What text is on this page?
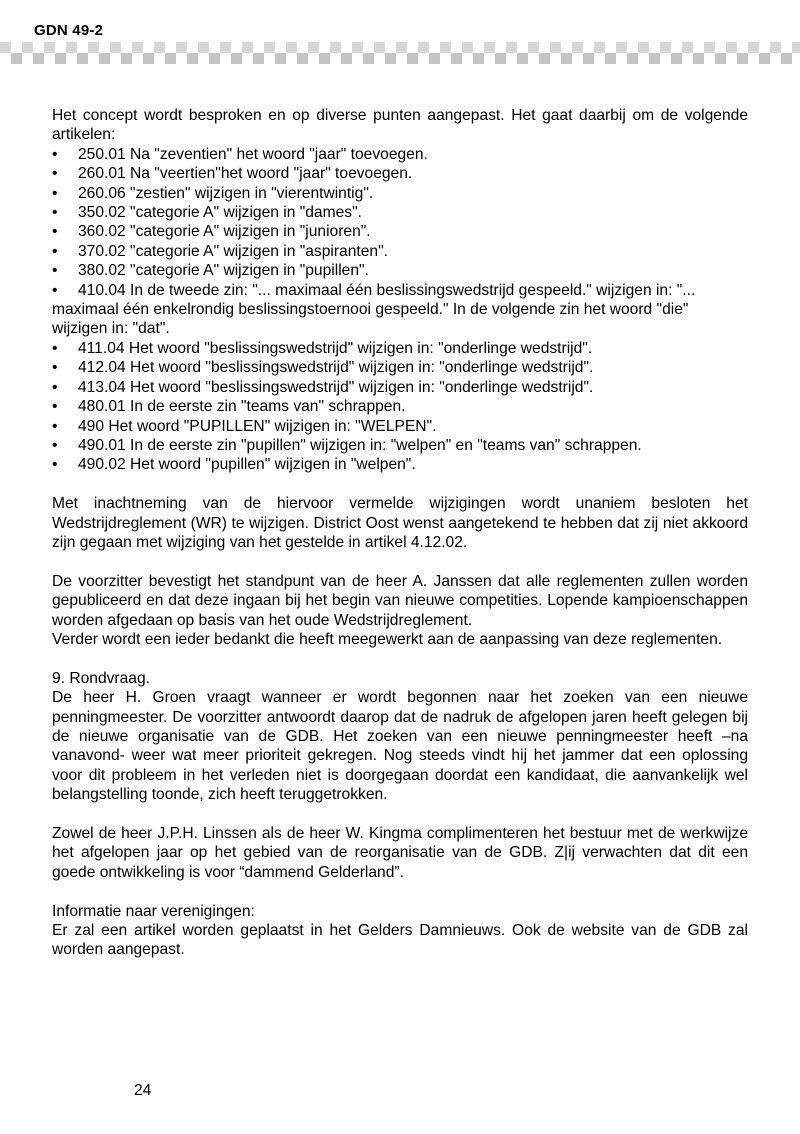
GDN 49-2

Het concept wordt besproken en op diverse punten aangepast. Het gaat daarbij om de volgende artikelen:

• 250.01 Na "zeventien" het woord "jaar" toevoegen.
• 260.01 Na "veertien"het woord "jaar" toevoegen.
• 260.06 "zestien" wijzigen in "vierentwintig".
• 350.02 "categorie A" wijzigen in "dames".
• 360.02 "categorie A" wijzigen in "junioren".
• 370.02 "categorie A" wijzigen in "aspiranten".
• 380.02 "categorie A" wijzigen in "pupillen".
• 410.04 In de tweede zin: "... maximaal één beslissingswedstrijd gespeeld." wijzigen in: "... maximaal één enkelrondig beslissingstoernooi gespeeld." In de volgende zin het woord "die" wijzigen in: "dat".
• 411.04 Het woord "beslissingswedstrijd" wijzigen in: "onderlinge wedstrijd".
• 412.04 Het woord "beslissingswedstrijd" wijzigen in: "onderlinge wedstrijd".
• 413.04 Het woord "beslissingswedstrijd" wijzigen in: "onderlinge wedstrijd".
• 480.01 In de eerste zin "teams van" schrappen.
• 490 Het woord "PUPILLEN" wijzigen in: "WELPEN".
• 490.01 In de eerste zin "pupillen" wijzigen in: "welpen" en "teams van" schrappen.
• 490.02 Het woord "pupillen" wijzigen in "welpen".

Met inachtneming van de hiervoor vermelde wijzigingen wordt unaniem besloten het Wedstrijdreglement (WR) te wijzigen. District Oost wenst aangetekend te hebben dat zij niet akkoord zijn gegaan met wijziging van het gestelde in artikel 4.12.02.

De voorzitter bevestigt het standpunt van de heer A. Janssen dat alle reglementen zullen worden gepubliceerd en dat deze ingaan bij het begin van nieuwe competities. Lopende kampioenschappen worden afgedaan op basis van het oude Wedstrijdreglement.

Verder wordt een ieder bedankt die heeft meegewerkt aan de aanpassing van deze reglementen.

9. Rondvraag.

De heer H. Groen vraagt wanneer er wordt begonnen naar het zoeken van een nieuwe penningmeester. De voorzitter antwoordt daarop dat de nadruk de afgelopen jaren heeft gelegen bij de nieuwe organisatie van de GDB. Het zoeken van een nieuwe penningmeester heeft –na vanavond- weer wat meer prioriteit gekregen. Nog steeds vindt hij het jammer dat een oplossing voor dit probleem in het verleden niet is doorgegaan doordat een kandidaat, die aanvankelijk wel belangstelling toonde, zich heeft teruggetrokken.

Zowel de heer J.P.H. Linssen als de heer W. Kingma complimenteren het bestuur met de werkwijze het afgelopen jaar op het gebied van de reorganisatie van de GDB. Z|ij verwachten dat dit een goede ontwikkeling is voor “dammend Gelderland”.

Informatie naar verenigingen:

Er zal een artikel worden geplaatst in het Gelders Damnieuws. Ook de website van de GDB zal worden aangepast.

24
